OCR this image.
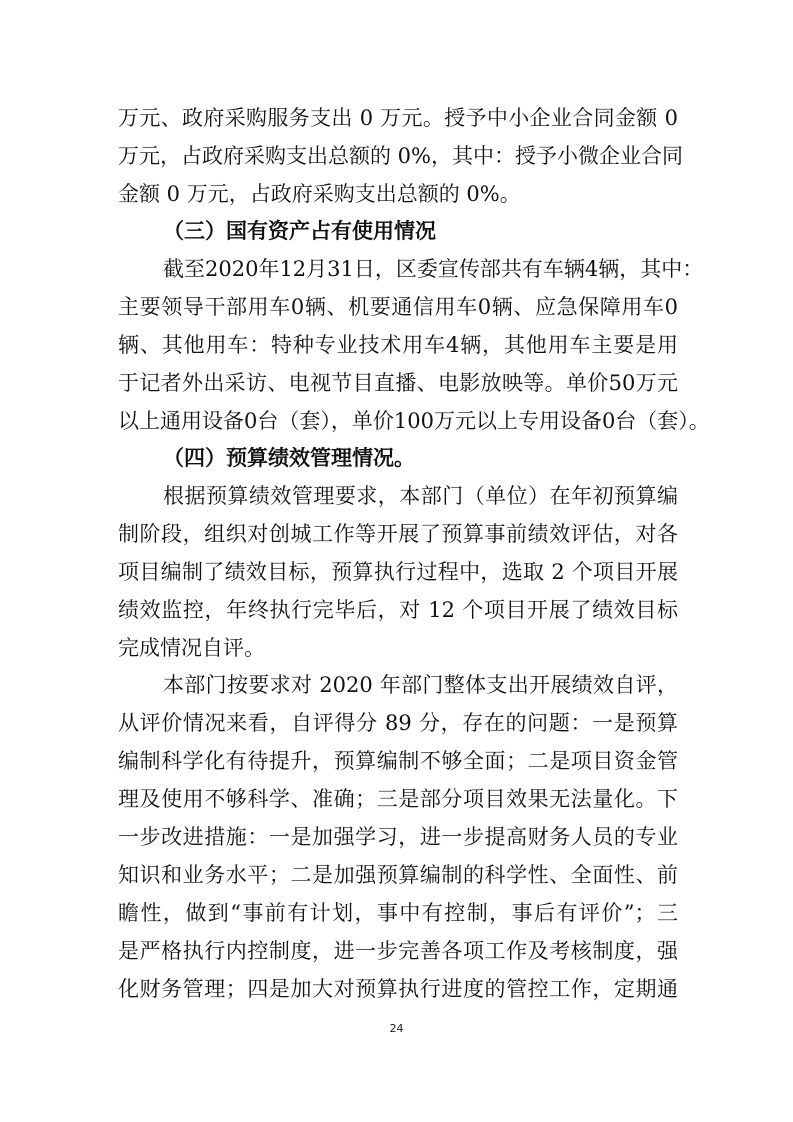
万元、政府采购服务支出 0 万元。授予中小企业合同金额 0
万元，占政府采购支出总额的 0%，其中：授予小微企业合同
金额 0 万元，占政府采购支出总额的 0%。
（三）国有资产占有使用情况
截至2020年12月31日，区委宣传部共有车辆4辆，其中：
主要领导干部用车0辆、机要通信用车0辆、应急保障用车0
辆、其他用车：特种专业技术用车4辆，其他用车主要是用
于记者外出采访、电视节目直播、电影放映等。单价50万元
以上通用设备0台（套），单价100万元以上专用设备0台（套）。
（四）预算绩效管理情况。
根据预算绩效管理要求，本部门（单位）在年初预算编
制阶段，组织对创城工作等开展了预算事前绩效评估，对各
项目编制了绩效目标，预算执行过程中，选取 2 个项目开展
绩效监控，年终执行完毕后，对 12 个项目开展了绩效目标
完成情况自评。
本部门按要求对 2020 年部门整体支出开展绩效自评，
从评价情况来看，自评得分 89 分，存在的问题：一是预算
编制科学化有待提升，预算编制不够全面；二是项目资金管
理及使用不够科学、准确；三是部分项目效果无法量化。下
一步改进措施：一是加强学习，进一步提高财务人员的专业
知识和业务水平；二是加强预算编制的科学性、全面性、前
瞻性，做到“事前有计划，事中有控制，事后有评价”；三
是严格执行内控制度，进一步完善各项工作及考核制度，强
化财务管理；四是加大对预算执行进度的管控工作，定期通
24
